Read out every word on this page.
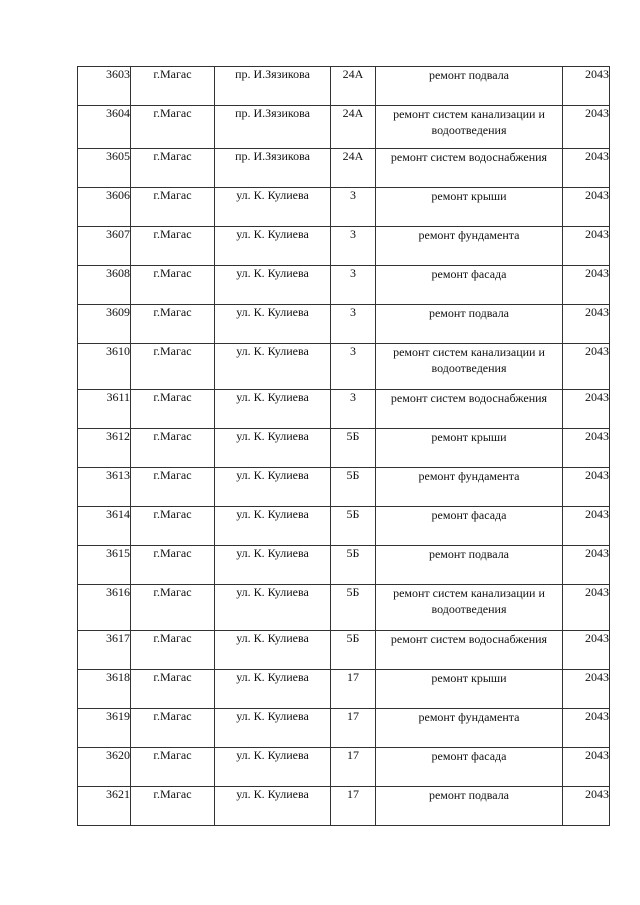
3603	г.Магас	пр. И.Зязикова	24А	ремонт подвала	2043
3604	г.Магас	пр. И.Зязикова	24А	ремонт систем канализации и водоотведения	2043
3605	г.Магас	пр. И.Зязикова	24А	ремонт систем водоснабжения	2043
3606	г.Магас	ул. К. Кулиева	3	ремонт крыши	2043
3607	г.Магас	ул. К. Кулиева	3	ремонт фундамента	2043
3608	г.Магас	ул. К. Кулиева	3	ремонт фасада	2043
3609	г.Магас	ул. К. Кулиева	3	ремонт подвала	2043
3610	г.Магас	ул. К. Кулиева	3	ремонт систем канализации и водоотведения	2043
3611	г.Магас	ул. К. Кулиева	3	ремонт систем водоснабжения	2043
3612	г.Магас	ул. К. Кулиева	5Б	ремонт крыши	2043
3613	г.Магас	ул. К. Кулиева	5Б	ремонт фундамента	2043
3614	г.Магас	ул. К. Кулиева	5Б	ремонт фасада	2043
3615	г.Магас	ул. К. Кулиева	5Б	ремонт подвала	2043
3616	г.Магас	ул. К. Кулиева	5Б	ремонт систем канализации и водоотведения	2043
3617	г.Магас	ул. К. Кулиева	5Б	ремонт систем водоснабжения	2043
3618	г.Магас	ул. К. Кулиева	17	ремонт крыши	2043
3619	г.Магас	ул. К. Кулиева	17	ремонт фундамента	2043
3620	г.Магас	ул. К. Кулиева	17	ремонт фасада	2043
3621	г.Магас	ул. К. Кулиева	17	ремонт подвала	2043
